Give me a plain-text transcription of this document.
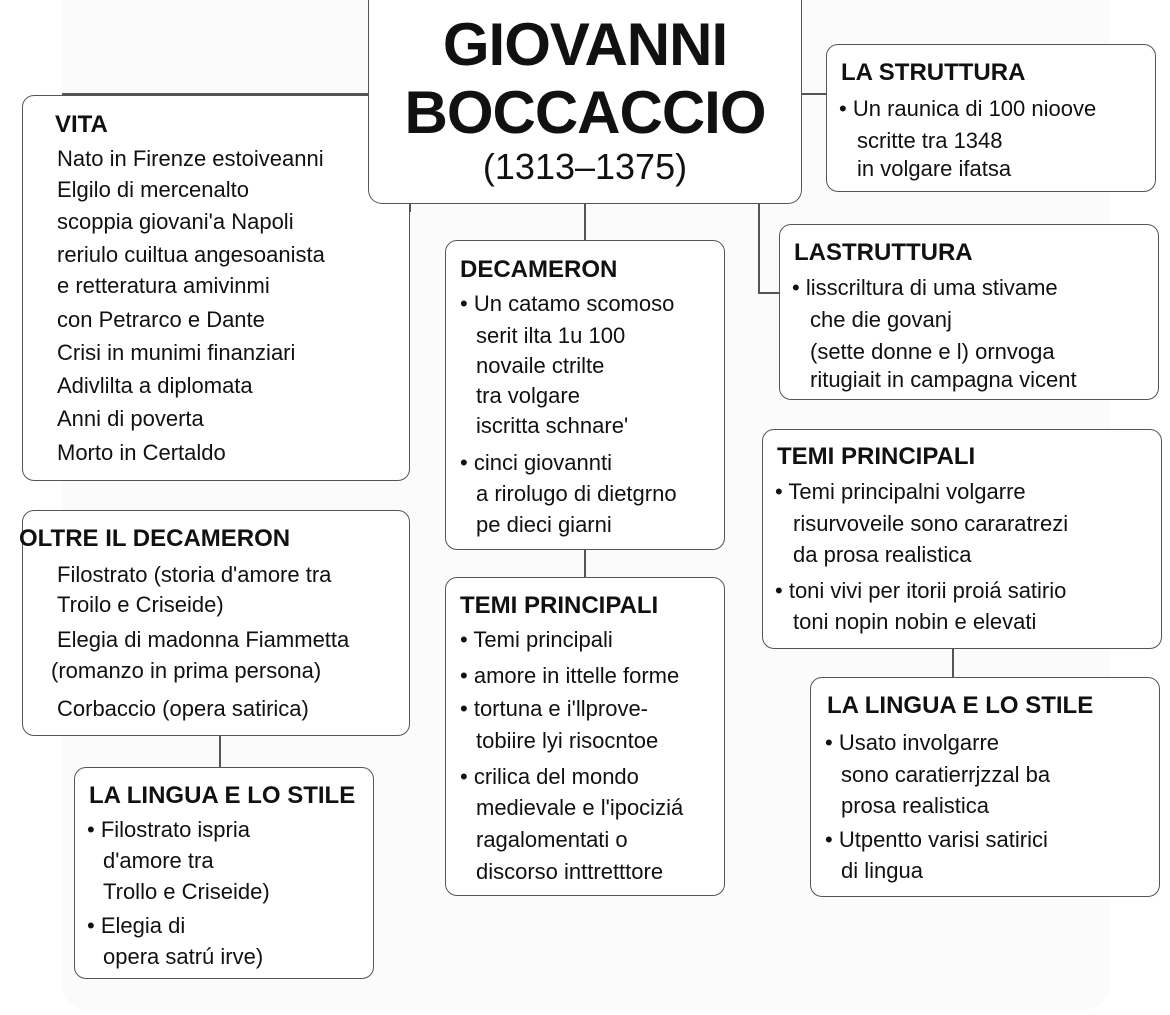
VITA
Nato in Firenze estoiveanni
Elgilo di mercenalto
scoppia giovani'a Napoli
reriulo cuiltua angesoanista
e retteratura amivinmi
con Petrarco e Dante
Crisi in munimi finanziari
Adivlilta a diplomata
Anni di poverta
Morto in Certaldo
OLTRE IL DECAMERON
Filostrato (storia d'amore tra
Troilo e Criseide)
Elegia di madonna Fiammetta
(romanzo in prima persona)
Corbaccio (opera satirica)
LA LINGUA E LO STILE
• Filostrato ispria
d'amore tra
Trollo e Criseide)
• Elegia di
opera satrú irve)
GIOVANNI
BOCCACCIO
(1313–1375)
DECAMERON
• Un catamo scomoso
serit ilta 1u 100
novaile ctrilte
tra volgare
iscritta schnare'
• cinci giovannti
a rirolugo di dietgrno
pe dieci giarni
TEMI PRINCIPALI
• Temi principali
• amore in ittelle forme
• tortuna e i'llprove-
tobiire lyi risocntoe
• crilica del mondo
medievale e l'ipociziá
ragalomentati o
discorso inttretttore
LA STRUTTURA
• Un raunica di 100 nioove
scritte tra 1348
in volgare ifatsa
LASTRUTTURA
• lisscriltura di uma stivame
che die govanj
(sette donne e l) ornvoga
ritugiait in campagna vicent
TEMI PRINCIPALI
• Temi principalni volgarre
risurvoveile sono cararatrezi
da prosa realistica
• toni vivi per itorii proiá satirio
toni nopin nobin e elevati
LA LINGUA E LO STILE
• Usato involgarre
sono caratierrjzzal ba
prosa realistica
• Utpentto varisi satirici
di lingua
